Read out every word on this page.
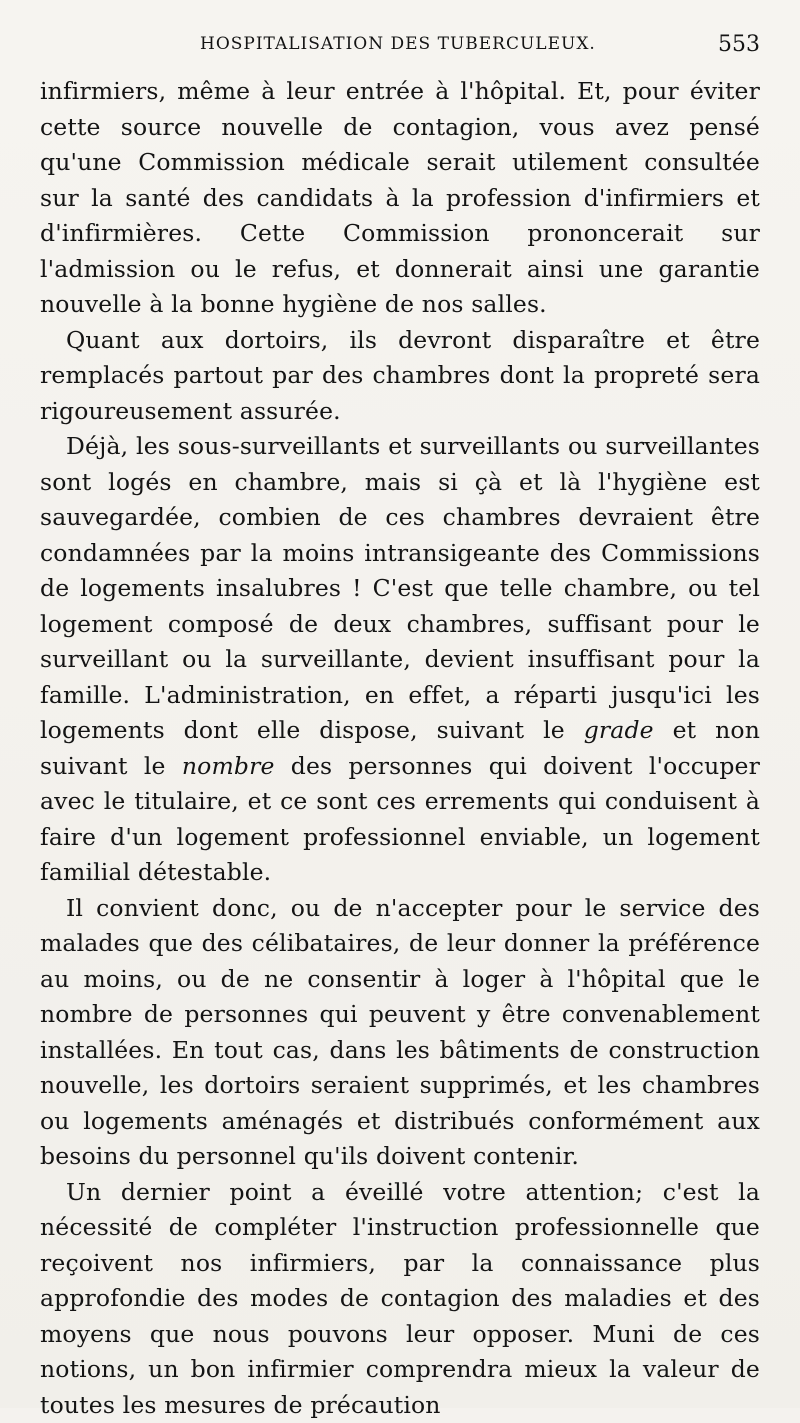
HOSPITALISATION DES TUBERCULEUX.	553

infirmiers, même à leur entrée à l'hôpital. Et, pour éviter cette source nouvelle de contagion, vous avez pensé qu'une Commission médicale serait utilement consultée sur la santé des candidats à la profession d'infirmiers et d'infirmières. Cette Commission prononcerait sur l'admission ou le refus, et donnerait ainsi une garantie nouvelle à la bonne hygiène de nos salles.

Quant aux dortoirs, ils devront disparaître et être remplacés partout par des chambres dont la propreté sera rigoureusement assurée.

Déjà, les sous-surveillants et surveillants ou surveillantes sont logés en chambre, mais si çà et là l'hygiène est sauvegardée, combien de ces chambres devraient être condamnées par la moins intransigeante des Commissions de logements insalubres ! C'est que telle chambre, ou tel logement composé de deux chambres, suffisant pour le surveillant ou la surveillante, devient insuffisant pour la famille. L'administration, en effet, a réparti jusqu'ici les logements dont elle dispose, suivant le grade et non suivant le nombre des personnes qui doivent l'occuper avec le titulaire, et ce sont ces errements qui conduisent à faire d'un logement professionnel enviable, un logement familial détestable.

Il convient donc, ou de n'accepter pour le service des malades que des célibataires, de leur donner la préférence au moins, ou de ne consentir à loger à l'hôpital que le nombre de personnes qui peuvent y être convenablement installées. En tout cas, dans les bâtiments de construction nouvelle, les dortoirs seraient supprimés, et les chambres ou logements aménagés et distribués conformément aux besoins du personnel qu'ils doivent contenir.

Un dernier point a éveillé votre attention; c'est la nécessité de compléter l'instruction professionnelle que reçoivent nos infirmiers, par la connaissance plus approfondie des modes de contagion des maladies et des moyens que nous pouvons leur opposer. Muni de ces notions, un bon infirmier comprendra mieux la valeur de toutes les mesures de précaution
